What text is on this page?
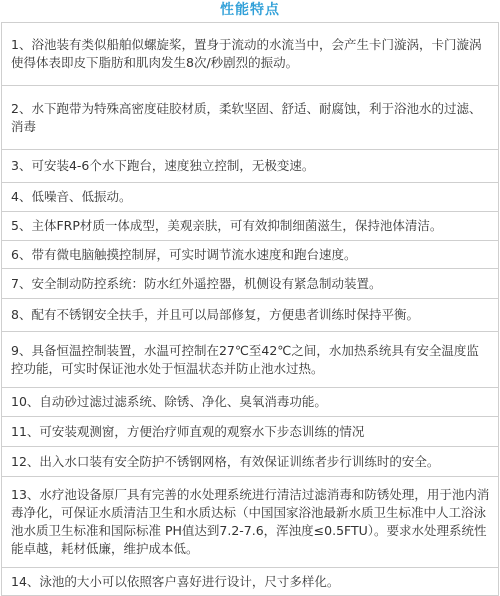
性能特点
1、浴池装有类似船舶似螺旋桨，置身于流动的水流当中，会产生卡门漩涡，卡门漩涡使得体表即皮下脂肪和肌肉发生8次/秒剧烈的振动。
2、水下跑带为特殊高密度硅胶材质，柔软坚固、舒适、耐腐蚀，利于浴池水的过滤、消毒
3、可安装4-6个水下跑台，速度独立控制，无极变速。
4、低噪音、低振动。
5、主体FRP材质一体成型，美观亲肤，可有效抑制细菌滋生，保持池体清洁。
6、带有微电脑触摸控制屏，可实时调节流水速度和跑台速度。
7、安全制动防控系统：防水红外遥控器，机侧设有紧急制动装置。
8、配有不锈钢安全扶手，并且可以局部修复，方便患者训练时保持平衡。
9、具备恒温控制装置，水温可控制在27℃至42℃之间，水加热系统具有安全温度监控功能，可实时保证池水处于恒温状态并防止池水过热。
10、自动砂过滤过滤系统、除锈、净化、臭氧消毒功能。
11、可安装观测窗，方便治疗师直观的观察水下步态训练的情况
12、出入水口装有安全防护不锈钢网格，有效保证训练者步行训练时的安全。
13、水疗池设备原厂具有完善的水处理系统进行清洁过滤消毒和防锈处理，用于池内消毒净化，可保证水质清洁卫生和水质达标（中国国家浴池最新水质卫生标准中人工浴泳池水质卫生标准和国际标准 PH值达到7.2-7.6，浑浊度≤0.5FTU）。要求水处理系统性能卓越，耗材低廉，维护成本低。
14、泳池的大小可以依照客户喜好进行设计，尺寸多样化。
